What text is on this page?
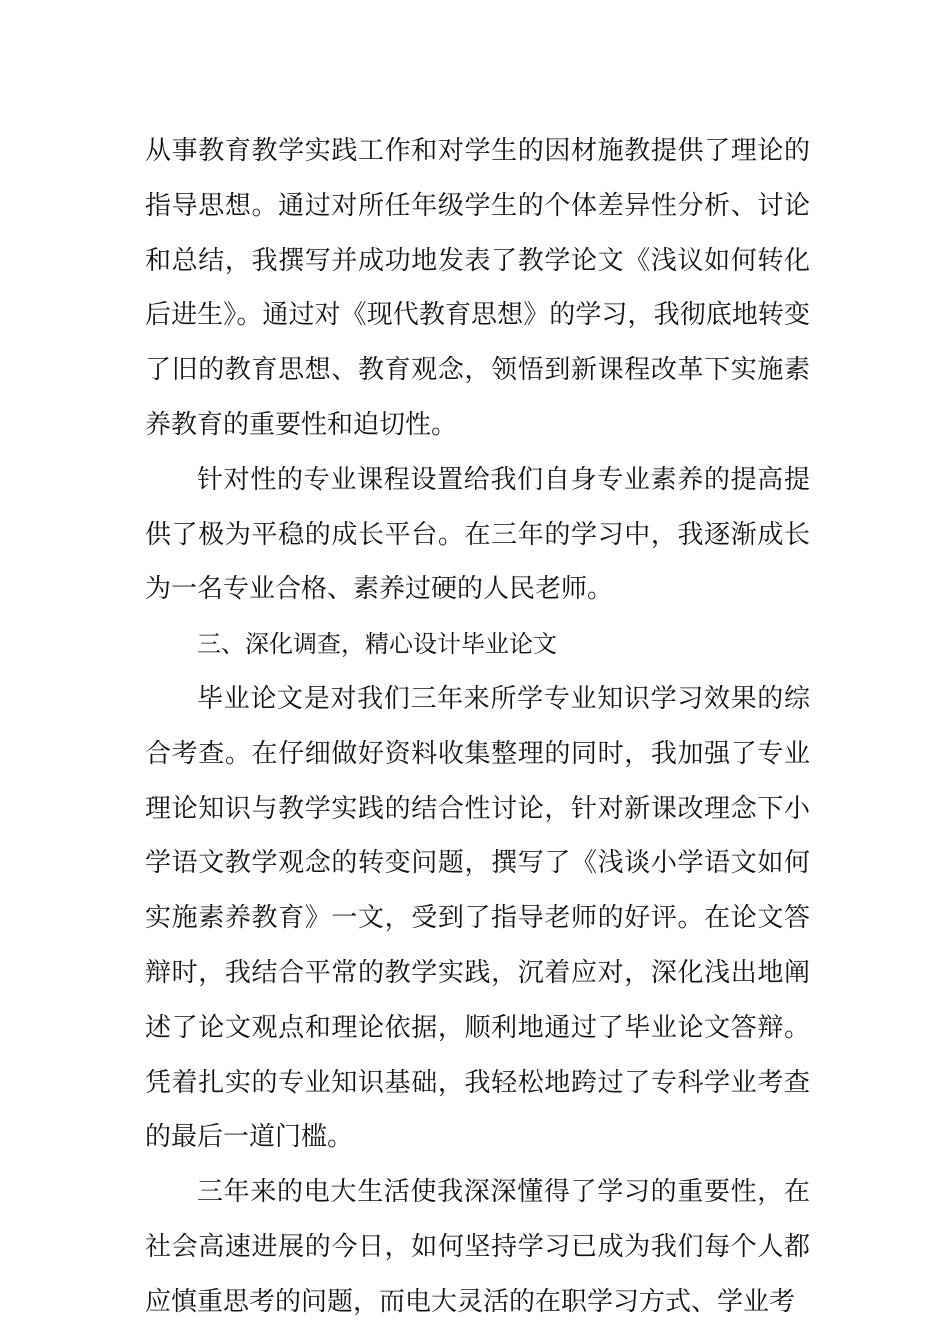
从事教育教学实践工作和对学生的因材施教提供了理论的指导思想。通过对所任年级学生的个体差异性分析、讨论和总结，我撰写并成功地发表了教学论文《浅议如何转化后进生》。通过对《现代教育思想》的学习，我彻底地转变了旧的教育思想、教育观念，领悟到新课程改革下实施素养教育的重要性和迫切性。

针对性的专业课程设置给我们自身专业素养的提高提供了极为平稳的成长平台。在三年的学习中，我逐渐成长为一名专业合格、素养过硬的人民老师。

三、深化调查，精心设计毕业论文

毕业论文是对我们三年来所学专业知识学习效果的综合考查。在仔细做好资料收集整理的同时，我加强了专业理论知识与教学实践的结合性讨论，针对新课改理念下小学语文教学观念的转变问题，撰写了《浅谈小学语文如何实施素养教育》一文，受到了指导老师的好评。在论文答辩时，我结合平常的教学实践，沉着应对，深化浅出地阐述了论文观点和理论依据，顺利地通过了毕业论文答辩。凭着扎实的专业知识基础，我轻松地跨过了专科学业考查的最后一道门槛。

三年来的电大生活使我深深懂得了学习的重要性，在社会高速进展的今日，如何坚持学习已成为我们每个人都应慎重思考的问题，而电大灵活的在职学习方式、学业考
